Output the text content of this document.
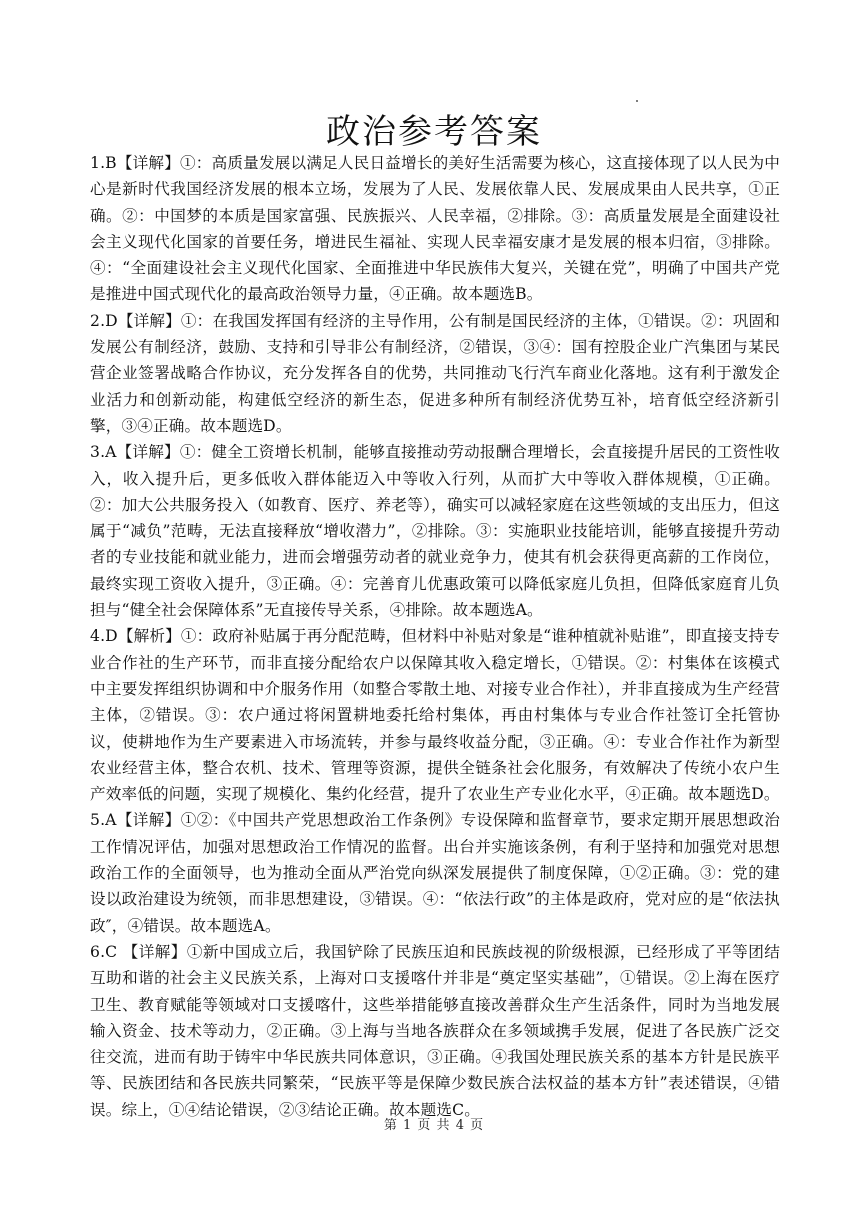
政治参考答案

1.B【详解】①：高质量发展以满足人民日益增长的美好生活需要为核心，这直接体现了以人民为中心是新时代我国经济发展的根本立场，发展为了人民、发展依靠人民、发展成果由人民共享，①正确。②：中国梦的本质是国家富强、民族振兴、人民幸福，②排除。③：高质量发展是全面建设社会主义现代化国家的首要任务，增进民生福祉、实现人民幸福安康才是发展的根本归宿，③排除。④：“全面建设社会主义现代化国家、全面推进中华民族伟大复兴，关键在党”，明确了中国共产党是推进中国式现代化的最高政治领导力量，④正确。故本题选B。

2.D【详解】①：在我国发挥国有经济的主导作用，公有制是国民经济的主体，①错误。②：巩固和发展公有制经济，鼓励、支持和引导非公有制经济，②错误，③④：国有控股企业广汽集团与某民营企业签署战略合作协议，充分发挥各自的优势，共同推动飞行汽车商业化落地。这有利于激发企业活力和创新动能，构建低空经济的新生态，促进多种所有制经济优势互补，培育低空经济新引擎，③④正确。故本题选D。

3.A【详解】①：健全工资增长机制，能够直接推动劳动报酬合理增长，会直接提升居民的工资性收入，收入提升后，更多低收入群体能迈入中等收入行列，从而扩大中等收入群体规模，①正确。②：加大公共服务投入（如教育、医疗、养老等），确实可以减轻家庭在这些领域的支出压力，但这属于“减负”范畴，无法直接释放“增收潜力”，②排除。③：实施职业技能培训，能够直接提升劳动者的专业技能和就业能力，进而会增强劳动者的就业竞争力，使其有机会获得更高薪的工作岗位，最终实现工资收入提升，③正确。④：完善育儿优惠政策可以降低家庭儿负担，但降低家庭育儿负担与“健全社会保障体系”无直接传导关系，④排除。故本题选A。

4.D【解析】①：政府补贴属于再分配范畴，但材料中补贴对象是“谁种植就补贴谁”，即直接支持专业合作社的生产环节，而非直接分配给农户以保障其收入稳定增长，①错误。②：村集体在该模式中主要发挥组织协调和中介服务作用（如整合零散土地、对接专业合作社），并非直接成为生产经营主体，②错误。③：农户通过将闲置耕地委托给村集体，再由村集体与专业合作社签订全托管协议，使耕地作为生产要素进入市场流转，并参与最终收益分配，③正确。④：专业合作社作为新型农业经营主体，整合农机、技术、管理等资源，提供全链条社会化服务，有效解决了传统小农户生产效率低的问题，实现了规模化、集约化经营，提升了农业生产专业化水平，④正确。故本题选D。

5.A【详解】①②：《中国共产党思想政治工作条例》专设保障和监督章节，要求定期开展思想政治工作情况评估，加强对思想政治工作情况的监督。出台并实施该条例，有利于坚持和加强党对思想政治工作的全面领导，也为推动全面从严治党向纵深发展提供了制度保障，①②正确。③：党的建设以政治建设为统领，而非思想建设，③错误。④：“依法行政”的主体是政府，党对应的是“依法执政″，④错误。故本题选A。

6.C 【详解】①新中国成立后，我国铲除了民族压迫和民族歧视的阶级根源，已经形成了平等团结互助和谐的社会主义民族关系，上海对口支援喀什并非是“奠定坚实基础”，①错误。②上海在医疗卫生、教育赋能等领域对口支援喀什，这些举措能够直接改善群众生产生活条件，同时为当地发展输入资金、技术等动力，②正确。③上海与当地各族群众在多领域携手发展，促进了各民族广泛交往交流，进而有助于铸牢中华民族共同体意识，③正确。④我国处理民族关系的基本方针是民族平等、民族团结和各民族共同繁荣，“民族平等是保障少数民族合法权益的基本方针”表述错误，④错误。综上，①④结论错误，②③结论正确。故本题选C。

第 1 页 共 4 页
